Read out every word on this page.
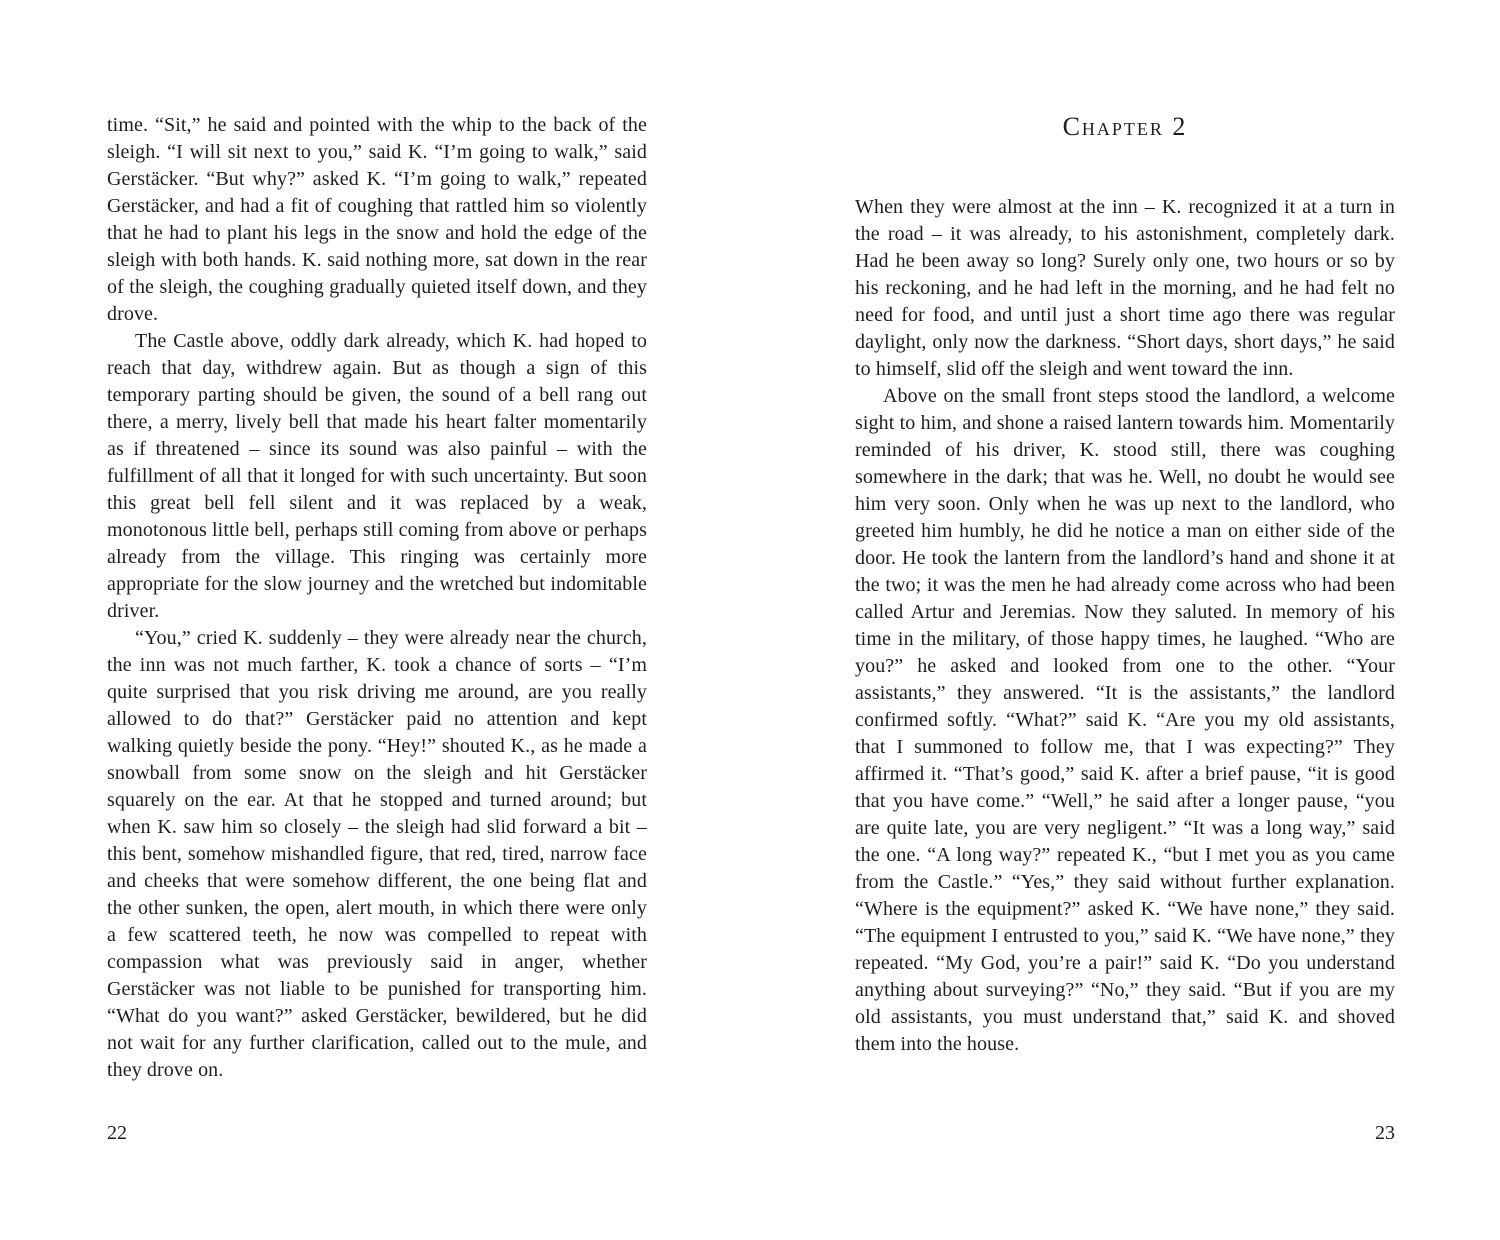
time. “Sit,” he said and pointed with the whip to the back of the sleigh. “I will sit next to you,” said K. “I’m going to walk,” said Gerstäcker. “But why?” asked K. “I’m going to walk,” repeated Gerstäcker, and had a fit of coughing that rattled him so violently that he had to plant his legs in the snow and hold the edge of the sleigh with both hands. K. said nothing more, sat down in the rear of the sleigh, the coughing gradually quieted itself down, and they drove.

The Castle above, oddly dark already, which K. had hoped to reach that day, withdrew again. But as though a sign of this temporary parting should be given, the sound of a bell rang out there, a merry, lively bell that made his heart falter momentarily as if threatened – since its sound was also painful – with the fulfillment of all that it longed for with such uncertainty. But soon this great bell fell silent and it was replaced by a weak, monotonous little bell, perhaps still coming from above or perhaps already from the village. This ringing was certainly more appropriate for the slow journey and the wretched but indomitable driver.

“You,” cried K. suddenly – they were already near the church, the inn was not much farther, K. took a chance of sorts – “I’m quite surprised that you risk driving me around, are you really allowed to do that?” Gerstäcker paid no attention and kept walking quietly beside the pony. “Hey!” shouted K., as he made a snowball from some snow on the sleigh and hit Gerstäcker squarely on the ear. At that he stopped and turned around; but when K. saw him so closely – the sleigh had slid forward a bit – this bent, somehow mishandled figure, that red, tired, narrow face and cheeks that were somehow different, the one being flat and the other sunken, the open, alert mouth, in which there were only a few scattered teeth, he now was compelled to repeat with compassion what was previously said in anger, whether Gerstäcker was not liable to be punished for transporting him. “What do you want?” asked Gerstäcker, bewildered, but he did not wait for any further clarification, called out to the mule, and they drove on.

Chapter 2

When they were almost at the inn – K. recognized it at a turn in the road – it was already, to his astonishment, completely dark. Had he been away so long? Surely only one, two hours or so by his reckoning, and he had left in the morning, and he had felt no need for food, and until just a short time ago there was regular daylight, only now the darkness. “Short days, short days,” he said to himself, slid off the sleigh and went toward the inn.

Above on the small front steps stood the landlord, a welcome sight to him, and shone a raised lantern towards him. Momentarily reminded of his driver, K. stood still, there was coughing somewhere in the dark; that was he. Well, no doubt he would see him very soon. Only when he was up next to the landlord, who greeted him humbly, he did he notice a man on either side of the door. He took the lantern from the landlord’s hand and shone it at the two; it was the men he had already come across who had been called Artur and Jeremias. Now they saluted. In memory of his time in the military, of those happy times, he laughed. “Who are you?” he asked and looked from one to the other. “Your assistants,” they answered. “It is the assistants,” the landlord confirmed softly. “What?” said K. “Are you my old assistants, that I summoned to follow me, that I was expecting?” They affirmed it. “That’s good,” said K. after a brief pause, “it is good that you have come.” “Well,” he said after a longer pause, “you are quite late, you are very negligent.” “It was a long way,” said the one. “A long way?” repeated K., “but I met you as you came from the Castle.” “Yes,” they said without further explanation. “Where is the equipment?” asked K. “We have none,” they said. “The equipment I entrusted to you,” said K. “We have none,” they repeated. “My God, you’re a pair!” said K. “Do you understand anything about surveying?” “No,” they said. “But if you are my old assistants, you must understand that,” said K. and shoved them into the house.

22	23
